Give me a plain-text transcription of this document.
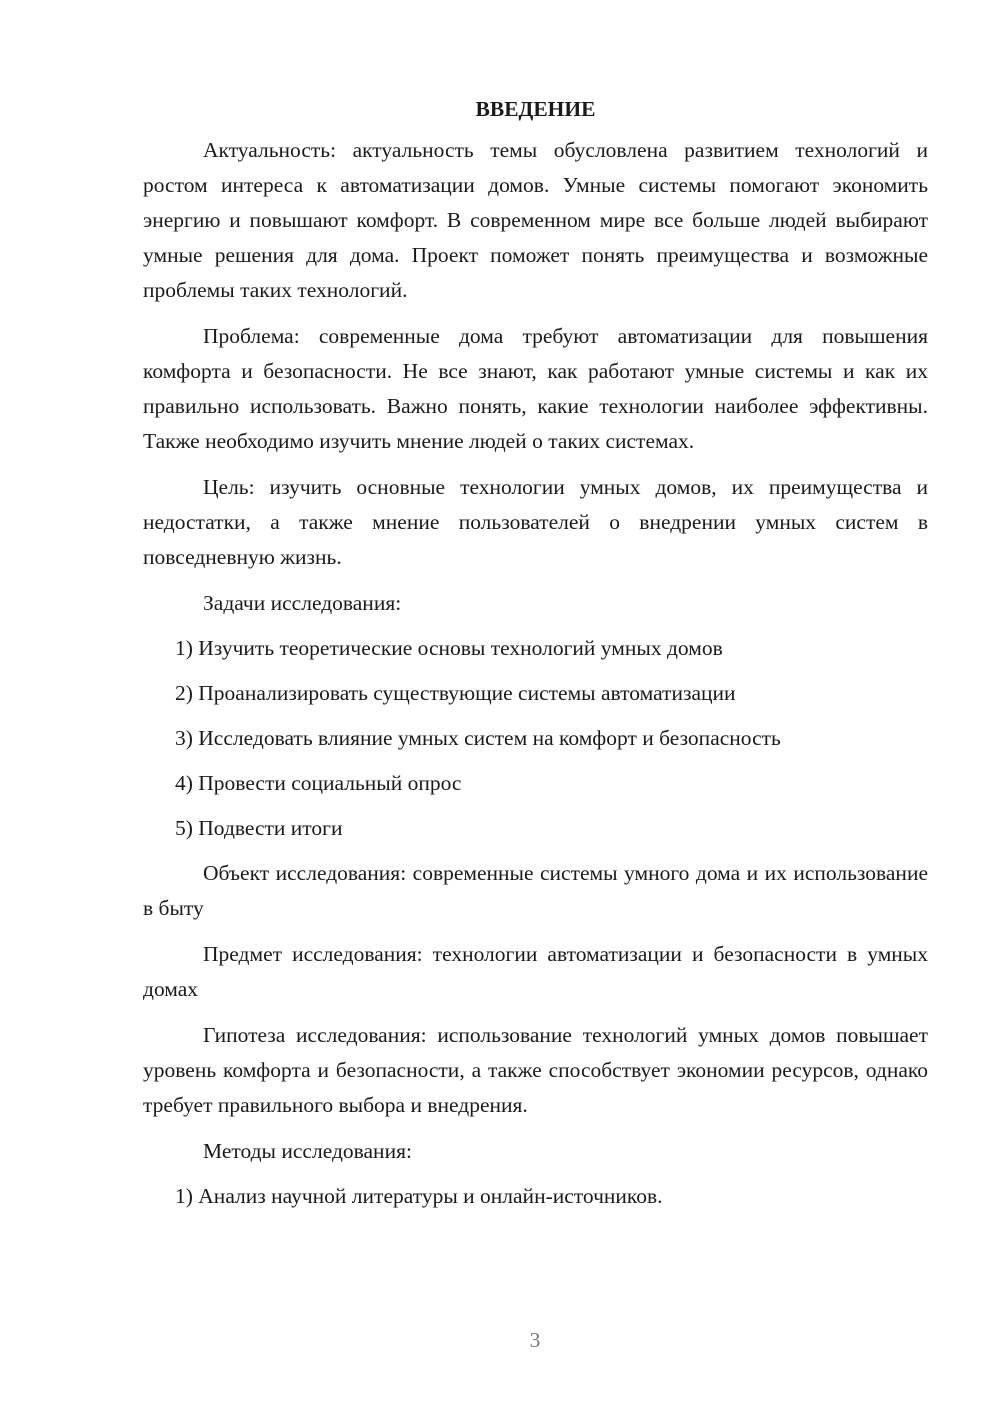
ВВЕДЕНИЕ

Актуальность: актуальность темы обусловлена развитием технологий и ростом интереса к автоматизации домов. Умные системы помогают экономить энергию и повышают комфорт. В современном мире все больше людей выбирают умные решения для дома. Проект поможет понять преимущества и возможные проблемы таких технологий.

Проблема: современные дома требуют автоматизации для повышения комфорта и безопасности. Не все знают, как работают умные системы и как их правильно использовать. Важно понять, какие технологии наиболее эффективны. Также необходимо изучить мнение людей о таких системах.

Цель: изучить основные технологии умных домов, их преимущества и недостатки, а также мнение пользователей о внедрении умных систем в повседневную жизнь.

Задачи исследования:

1) Изучить теоретические основы технологий умных домов
2) Проанализировать существующие системы автоматизации
3) Исследовать влияние умных систем на комфорт и безопасность
4) Провести социальный опрос
5) Подвести итоги

Объект исследования: современные системы умного дома и их использование в быту

Предмет исследования: технологии автоматизации и безопасности в умных домах

Гипотеза исследования: использование технологий умных домов повышает уровень комфорта и безопасности, а также способствует экономии ресурсов, однако требует правильного выбора и внедрения.

Методы исследования:

1) Анализ научной литературы и онлайн-источников.
3
